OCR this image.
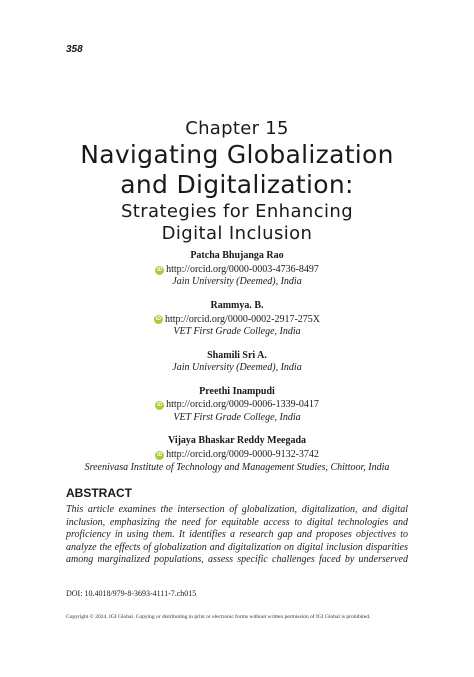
358
Chapter 15
Navigating Globalization
and Digitalization:
Strategies for Enhancing
Digital Inclusion
Patcha Bhujanga Rao
iD http://orcid.org/0000-0003-4736-8497
Jain University (Deemed), India
Rammya. B.
iD http://orcid.org/0000-0002-2917-275X
VET First Grade College, India
Shamili Sri A.
Jain University (Deemed), India
Preethi Inampudi
iD http://orcid.org/0009-0006-1339-0417
VET First Grade College, India
Vijaya Bhaskar Reddy Meegada
iD http://orcid.org/0009-0000-9132-3742
Sreenivasa Institute of Technology and Management Studies, Chittoor, India
ABSTRACT
This article examines the intersection of globalization, digitalization, and digital
inclusion, emphasizing the need for equitable access to digital technologies and
proficiency in using them. It identifies a research gap and proposes objectives to
analyze the effects of globalization and digitalization on digital inclusion disparities
among marginalized populations, assess specific challenges faced by underserved
DOI: 10.4018/979-8-3693-4111-7.ch015
Copyright © 2024, IGI Global. Copying or distributing in print or electronic forms without written permission of IGI Global is prohibited.
